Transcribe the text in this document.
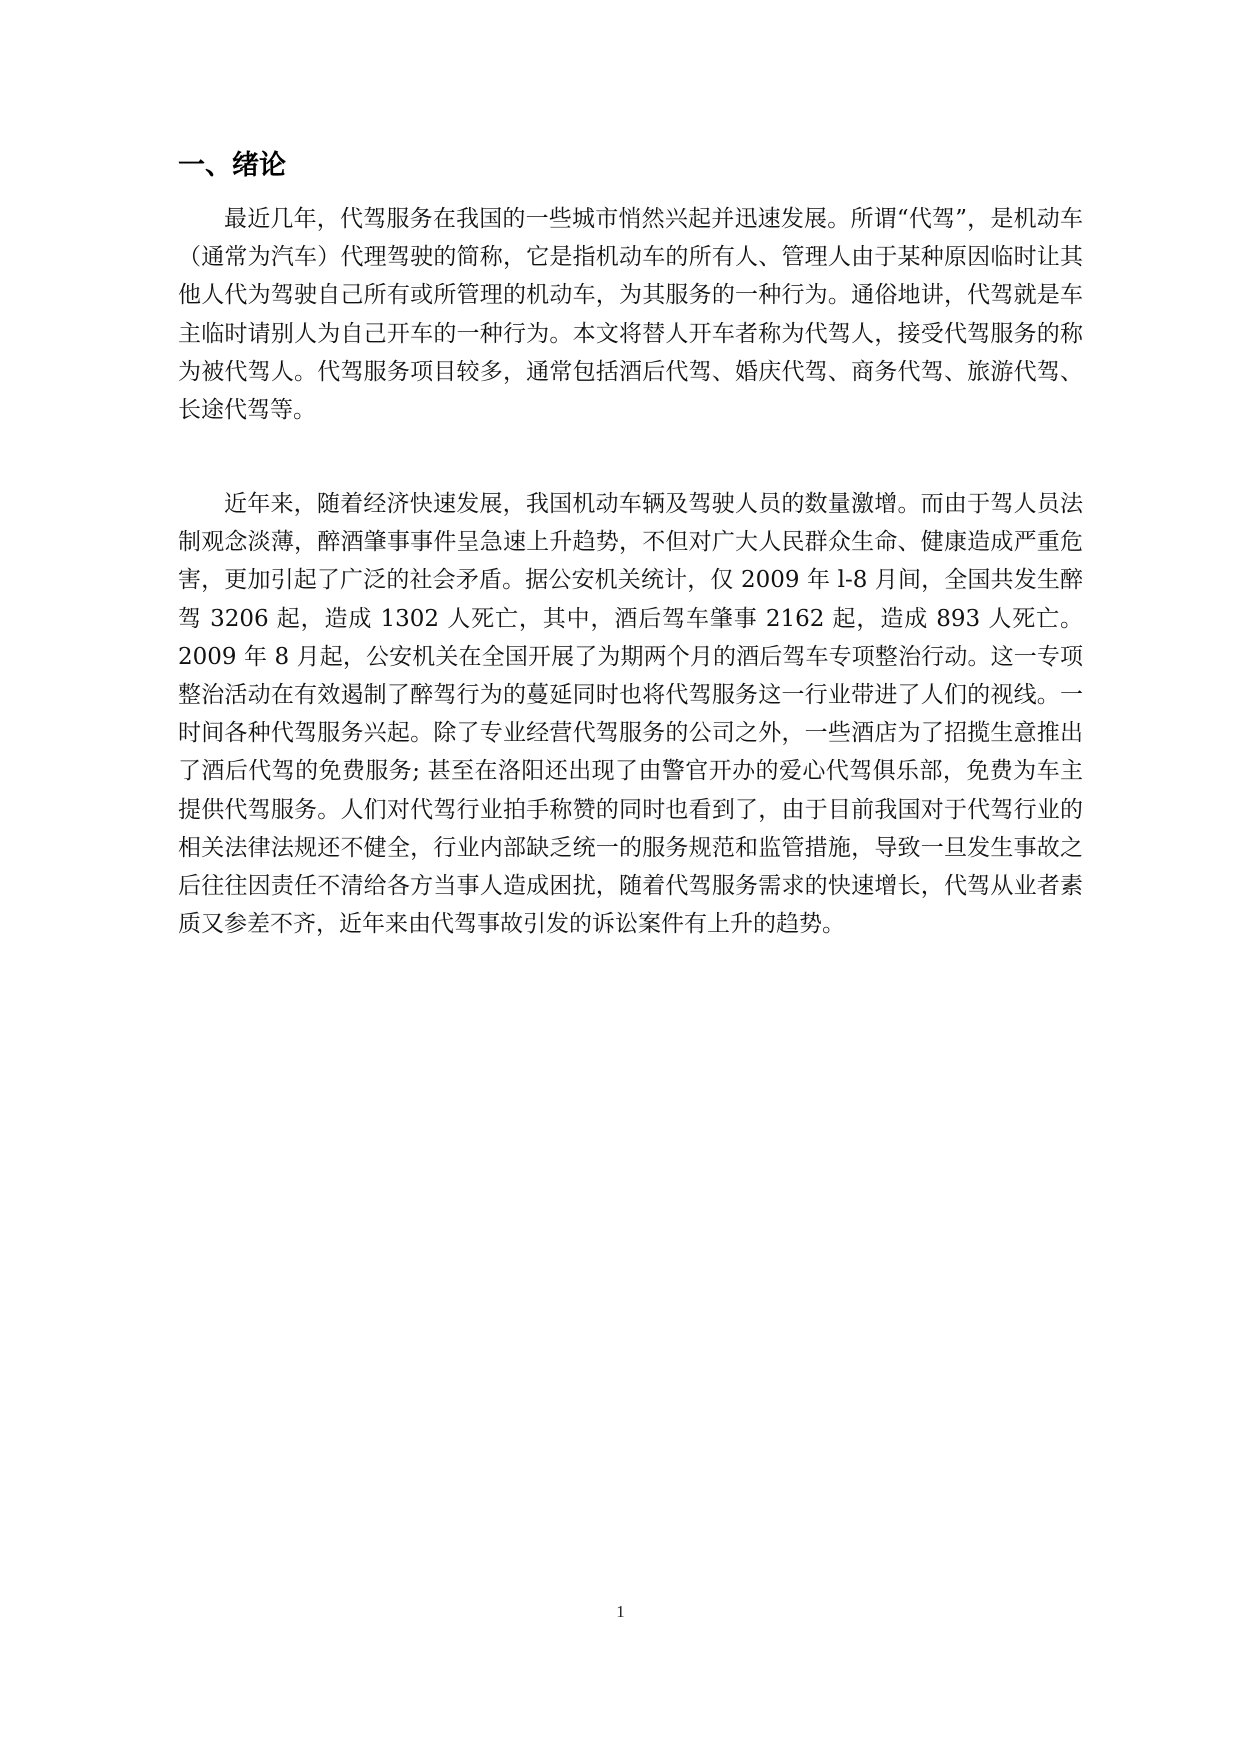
一、绪论

最近几年，代驾服务在我国的一些城市悄然兴起并迅速发展。所谓“代驾”，是机动车（通常为汽车）代理驾驶的简称，它是指机动车的所有人、管理人由于某种原因临时让其他人代为驾驶自己所有或所管理的机动车，为其服务的一种行为。通俗地讲，代驾就是车主临时请别人为自己开车的一种行为。本文将替人开车者称为代驾人，接受代驾服务的称为被代驾人。代驾服务项目较多，通常包括酒后代驾、婚庆代驾、商务代驾、旅游代驾、长途代驾等。

近年来，随着经济快速发展，我国机动车辆及驾驶人员的数量激增。而由于驾人员法制观念淡薄，醉酒肇事事件呈急速上升趋势，不但对广大人民群众生命、健康造成严重危害，更加引起了广泛的社会矛盾。据公安机关统计，仅 2009 年 l-8 月间，全国共发生醉驾 3206 起，造成 1302 人死亡，其中，酒后驾车肇事 2162 起，造成 893 人死亡。2009 年 8 月起，公安机关在全国开展了为期两个月的酒后驾车专项整治行动。这一专项整治活动在有效遏制了醉驾行为的蔓延同时也将代驾服务这一行业带进了人们的视线。一时间各种代驾服务兴起。除了专业经营代驾服务的公司之外，一些酒店为了招揽生意推出了酒后代驾的免费服务; 甚至在洛阳还出现了由警官开办的爱心代驾俱乐部，免费为车主提供代驾服务。人们对代驾行业拍手称赞的同时也看到了，由于目前我国对于代驾行业的相关法律法规还不健全，行业内部缺乏统一的服务规范和监管措施，导致一旦发生事故之后往往因责任不清给各方当事人造成困扰，随着代驾服务需求的快速增长，代驾从业者素质又参差不齐，近年来由代驾事故引发的诉讼案件有上升的趋势。

1
